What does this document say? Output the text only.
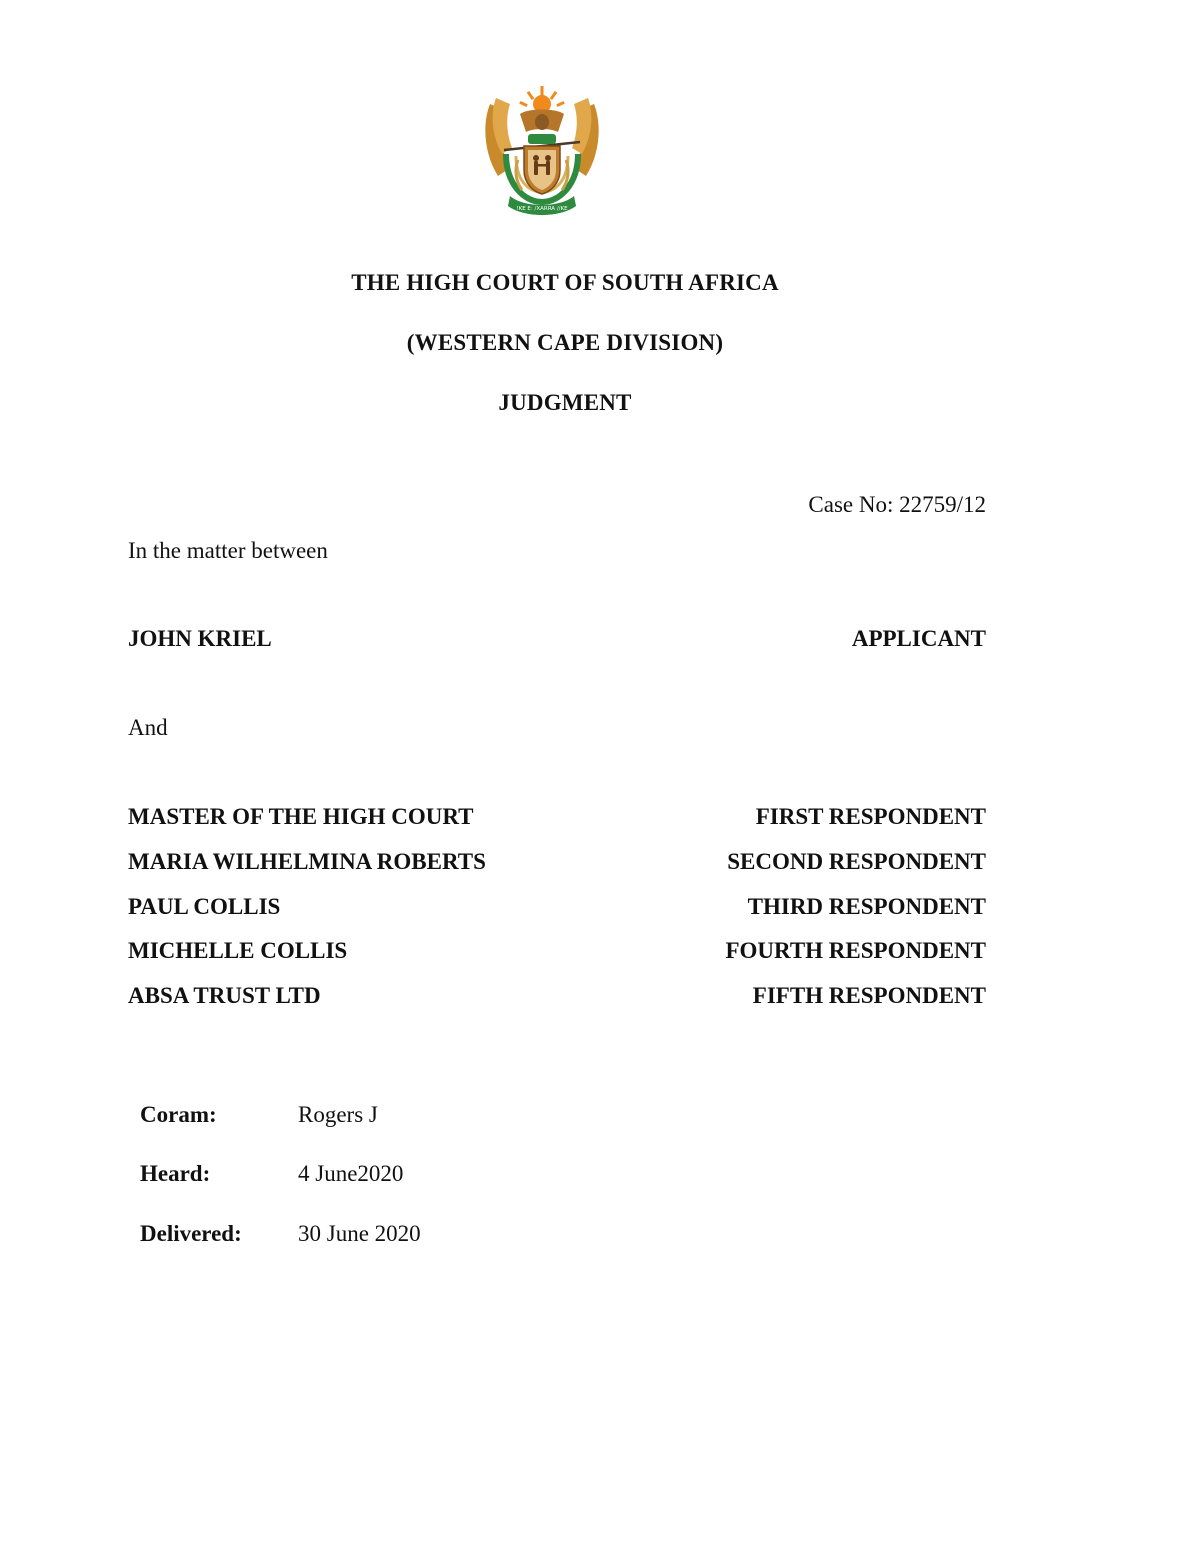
!KE E: /XARRA //KE
THE HIGH COURT OF SOUTH AFRICA
(WESTERN CAPE DIVISION)
JUDGMENT
Case No: 22759/12
In the matter between
JOHN KRIEL	APPLICANT
And
MASTER OF THE HIGH COURT	FIRST RESPONDENT
MARIA WILHELMINA ROBERTS	SECOND RESPONDENT
PAUL COLLIS	THIRD RESPONDENT
MICHELLE COLLIS	FOURTH RESPONDENT
ABSA TRUST LTD	FIFTH RESPONDENT
Coram:	Rogers J
Heard:	4 June2020
Delivered:	30 June 2020
